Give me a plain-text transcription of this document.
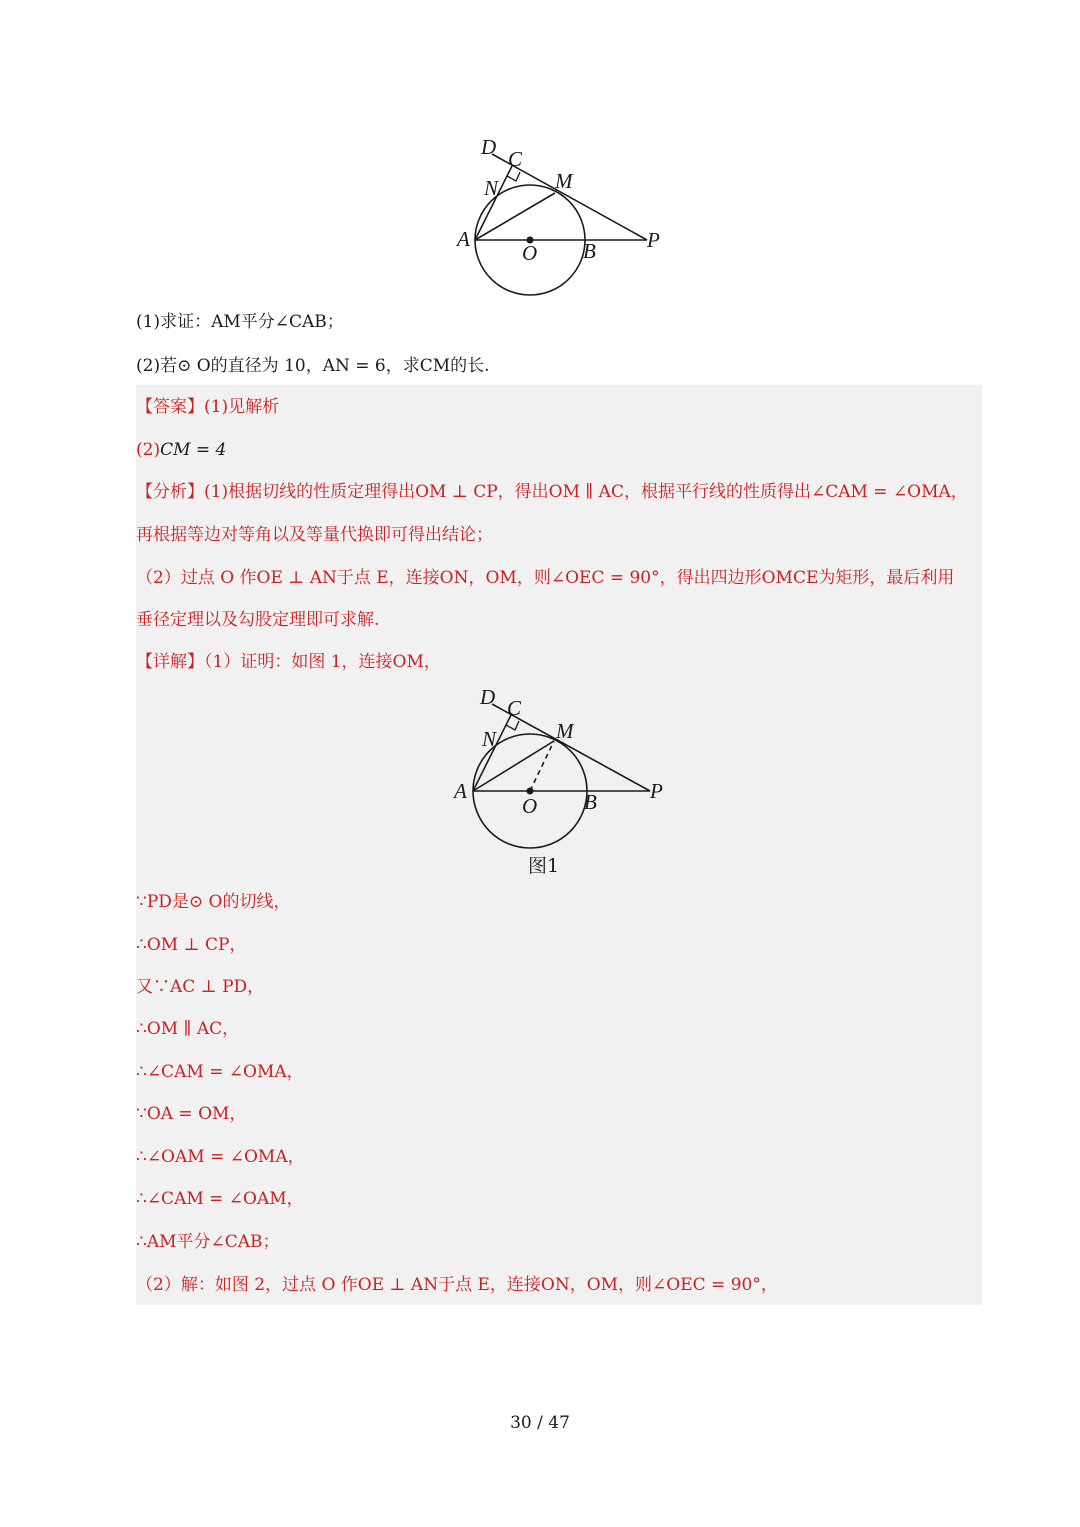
D C
N	M
A
O B P
(1)求证：AM平分∠CAB；
(2)若⊙ O的直径为 10，AN = 6，求CM的长.
【答案】(1)见解析
(2)CM = 4
【分析】(1)根据切线的性质定理得出OM ⊥ CP，得出OM ∥ AC，根据平行线的性质得出∠CAM = ∠OMA，
再根据等边对等角以及等量代换即可得出结论；
（2）过点 O 作OE ⊥ AN于点 E，连接ON，OM，则∠OEC = 90°，得出四边形OMCE为矩形，最后利用
垂径定理以及勾股定理即可求解.
【详解】（1）证明：如图 1，连接OM，
D C
N	M
A
O B	P
图1
∵PD是⊙ O的切线，
∴OM ⊥ CP，
又∵AC ⊥ PD，
∴OM ∥ AC，
∴∠CAM = ∠OMA，
∵OA = OM，
∴∠OAM = ∠OMA，
∴∠CAM = ∠OAM，
∴AM平分∠CAB；
（2）解：如图 2，过点 O 作OE ⊥ AN于点 E，连接ON，OM，则∠OEC = 90°，
30 / 47
